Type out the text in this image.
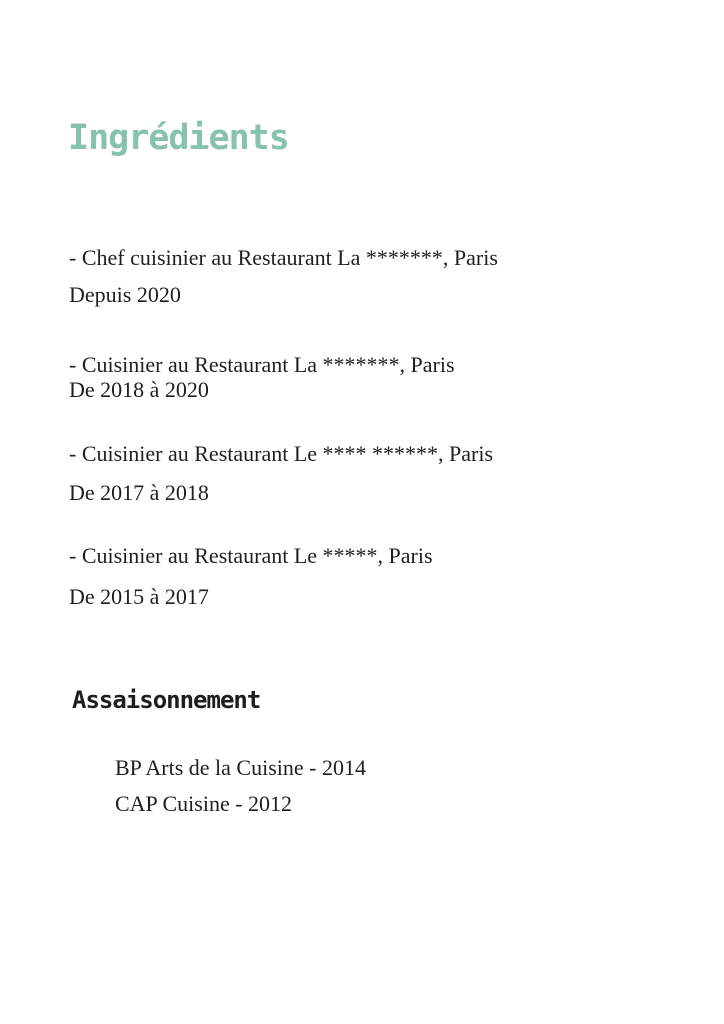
Ingrédients

- Chef cuisinier au Restaurant La *******, Paris

Depuis 2020

- Cuisinier au Restaurant La *******, Paris

De 2018 à 2020

- Cuisinier au Restaurant Le **** ******, Paris

De 2017 à 2018

- Cuisinier au Restaurant Le *****, Paris

De 2015 à 2017

Assaisonnement

BP Arts de la Cuisine - 2014

CAP Cuisine - 2012
